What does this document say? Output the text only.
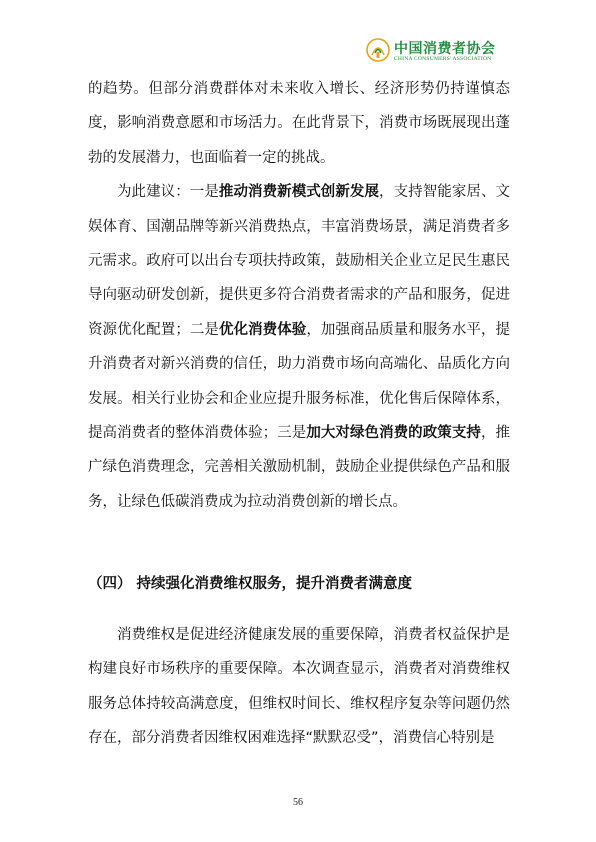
中国消费者协会
CHINA CONSUMERS' ASSOCIATION

的趋势。但部分消费群体对未来收入增长、经济形势仍持谨慎态度，影响消费意愿和市场活力。在此背景下，消费市场既展现出蓬勃的发展潜力，也面临着一定的挑战。

为此建议：一是推动消费新模式创新发展，支持智能家居、文娱体育、国潮品牌等新兴消费热点，丰富消费场景，满足消费者多元需求。政府可以出台专项扶持政策，鼓励相关企业立足民生惠民导向驱动研发创新，提供更多符合消费者需求的产品和服务，促进资源优化配置；二是优化消费体验，加强商品质量和服务水平，提升消费者对新兴消费的信任，助力消费市场向高端化、品质化方向发展。相关行业协会和企业应提升服务标准，优化售后保障体系，提高消费者的整体消费体验；三是加大对绿色消费的政策支持，推广绿色消费理念，完善相关激励机制，鼓励企业提供绿色产品和服务，让绿色低碳消费成为拉动消费创新的增长点。

（四） 持续强化消费维权服务，提升消费者满意度

消费维权是促进经济健康发展的重要保障，消费者权益保护是构建良好市场秩序的重要保障。本次调查显示，消费者对消费维权服务总体持较高满意度，但维权时间长、维权程序复杂等问题仍然存在，部分消费者因维权困难选择“默默忍受”，消费信心特别是

56
